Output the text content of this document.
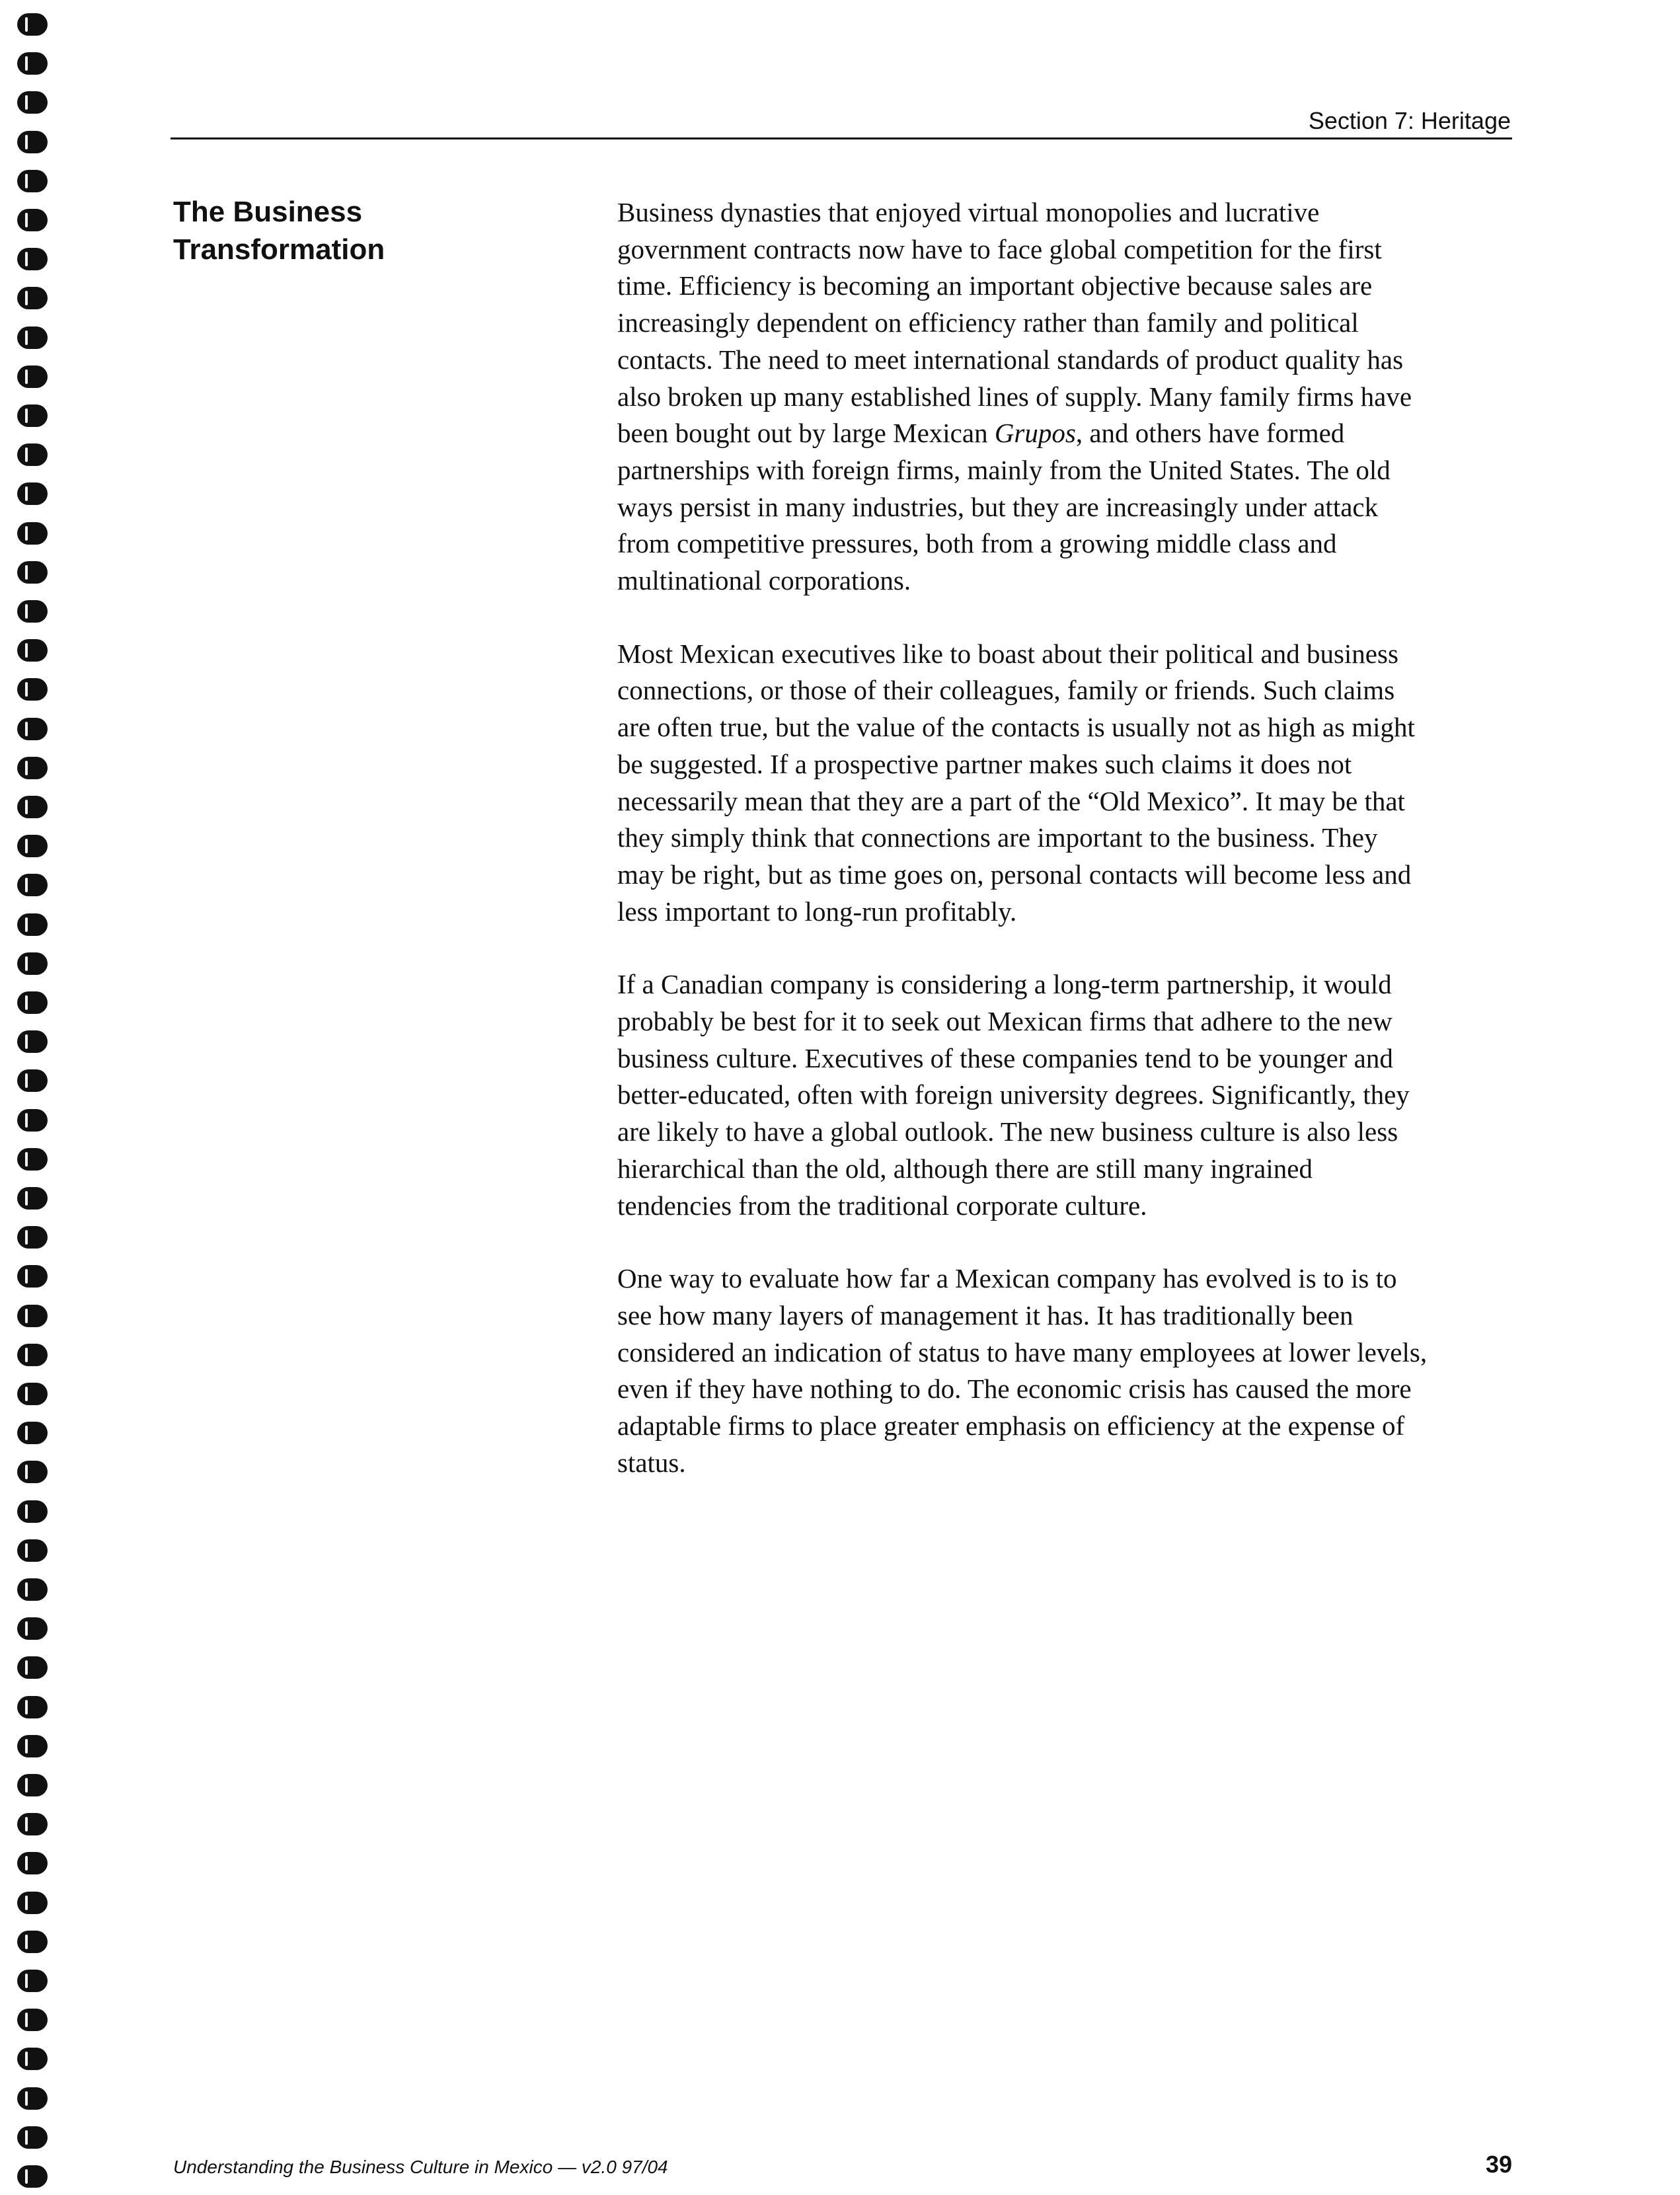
Section 7: Heritage
The Business
Transformation

Business dynasties that enjoyed virtual monopolies and lucrative
government contracts now have to face global competition for the first
time. Efficiency is becoming an important objective because sales are
increasingly dependent on efficiency rather than family and political
contacts. The need to meet international standards of product quality has
also broken up many established lines of supply. Many family firms have
been bought out by large Mexican Grupos, and others have formed
partnerships with foreign firms, mainly from the United States. The old
ways persist in many industries, but they are increasingly under attack
from competitive pressures, both from a growing middle class and
multinational corporations.

Most Mexican executives like to boast about their political and business
connections, or those of their colleagues, family or friends. Such claims
are often true, but the value of the contacts is usually not as high as might
be suggested. If a prospective partner makes such claims it does not
necessarily mean that they are a part of the “Old Mexico”. It may be that
they simply think that connections are important to the business. They
may be right, but as time goes on, personal contacts will become less and
less important to long-run profitably.

If a Canadian company is considering a long-term partnership, it would
probably be best for it to seek out Mexican firms that adhere to the new
business culture. Executives of these companies tend to be younger and
better-educated, often with foreign university degrees. Significantly, they
are likely to have a global outlook. The new business culture is also less
hierarchical than the old, although there are still many ingrained
tendencies from the traditional corporate culture.

One way to evaluate how far a Mexican company has evolved is to is to
see how many layers of management it has. It has traditionally been
considered an indication of status to have many employees at lower levels,
even if they have nothing to do. The economic crisis has caused the more
adaptable firms to place greater emphasis on efficiency at the expense of
status.

Understanding the Business Culture in Mexico — v2.0 97/04	39
